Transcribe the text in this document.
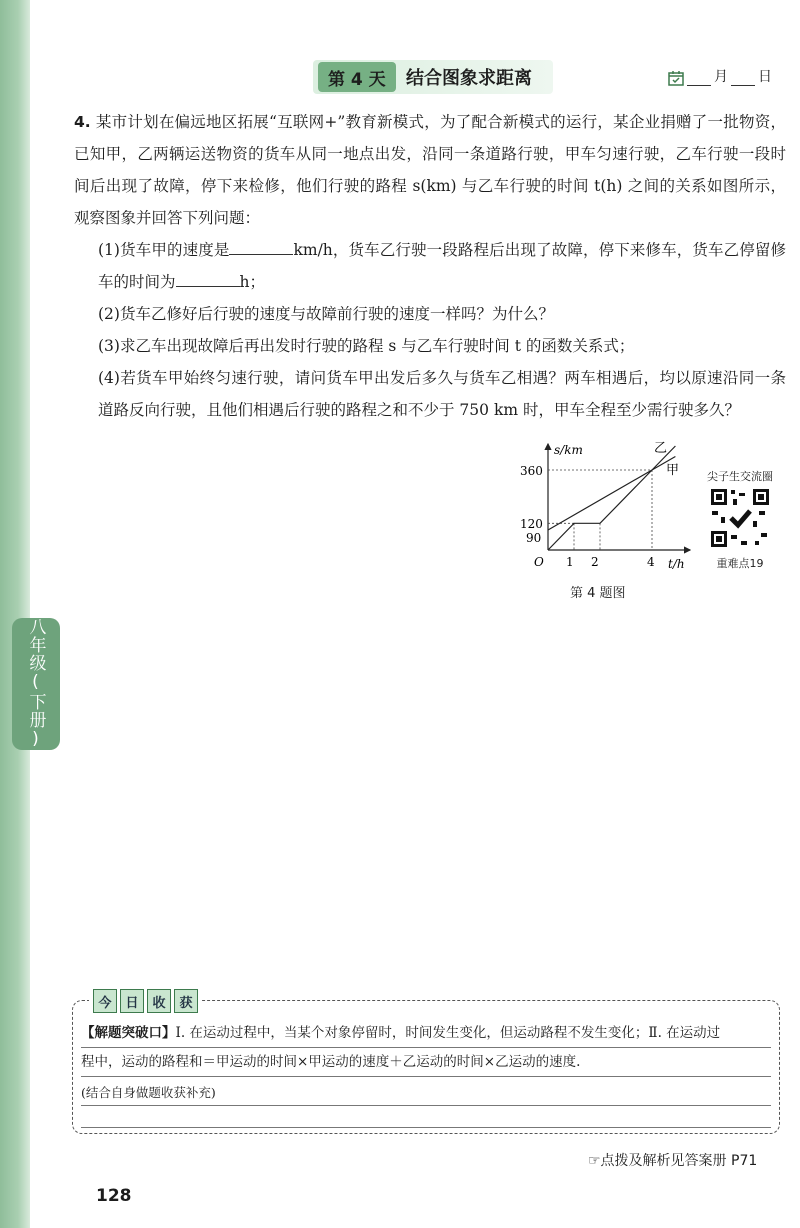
八年级(下册)
第 4 天	结合图象求距离	月 日

4. 某市计划在偏远地区拓展“互联网+”教育新模式，为了配合新模式的运行，某企业捐赠了一批物资，已知甲，乙两辆运送物资的货车从同一地点出发，沿同一条道路行驶，甲车匀速行驶，乙车行驶一段时间后出现了故障，停下来检修，他们行驶的路程 s(km) 与乙车行驶的时间 t(h) 之间的关系如图所示，观察图象并回答下列问题：

(1)货车甲的速度是	km/h，货车乙行驶一段路程后出现了故障，停下来修车，货车乙停留修车的时间为	h；

(2)货车乙修好后行驶的速度与故障前行驶的速度一样吗？为什么？

(3)求乙车出现故障后再出发时行驶的路程 s 与乙车行驶时间 t 的函数关系式；

(4)若货车甲始终匀速行驶，请问货车甲出发后多久与货车乙相遇？两车相遇后，均以原速沿同一条道路反向行驶，且他们相遇后行驶的路程之和不少于 750 km 时，甲车全程至少需行驶多久？

s/km
t/h
O
360
120
90
1 2	4
乙
甲
第 4 题图
尖子生交流圈
重难点19
今	日	收	获
【解题突破口】Ⅰ. 在运动过程中，当某个对象停留时，时间发生变化，但运动路程不发生变化；Ⅱ. 在运动过
程中，运动的路程和＝甲运动的时间×甲运动的速度＋乙运动的时间×乙运动的速度.
(结合自身做题收获补充)
☞点拨及解析见答案册 P71
128
